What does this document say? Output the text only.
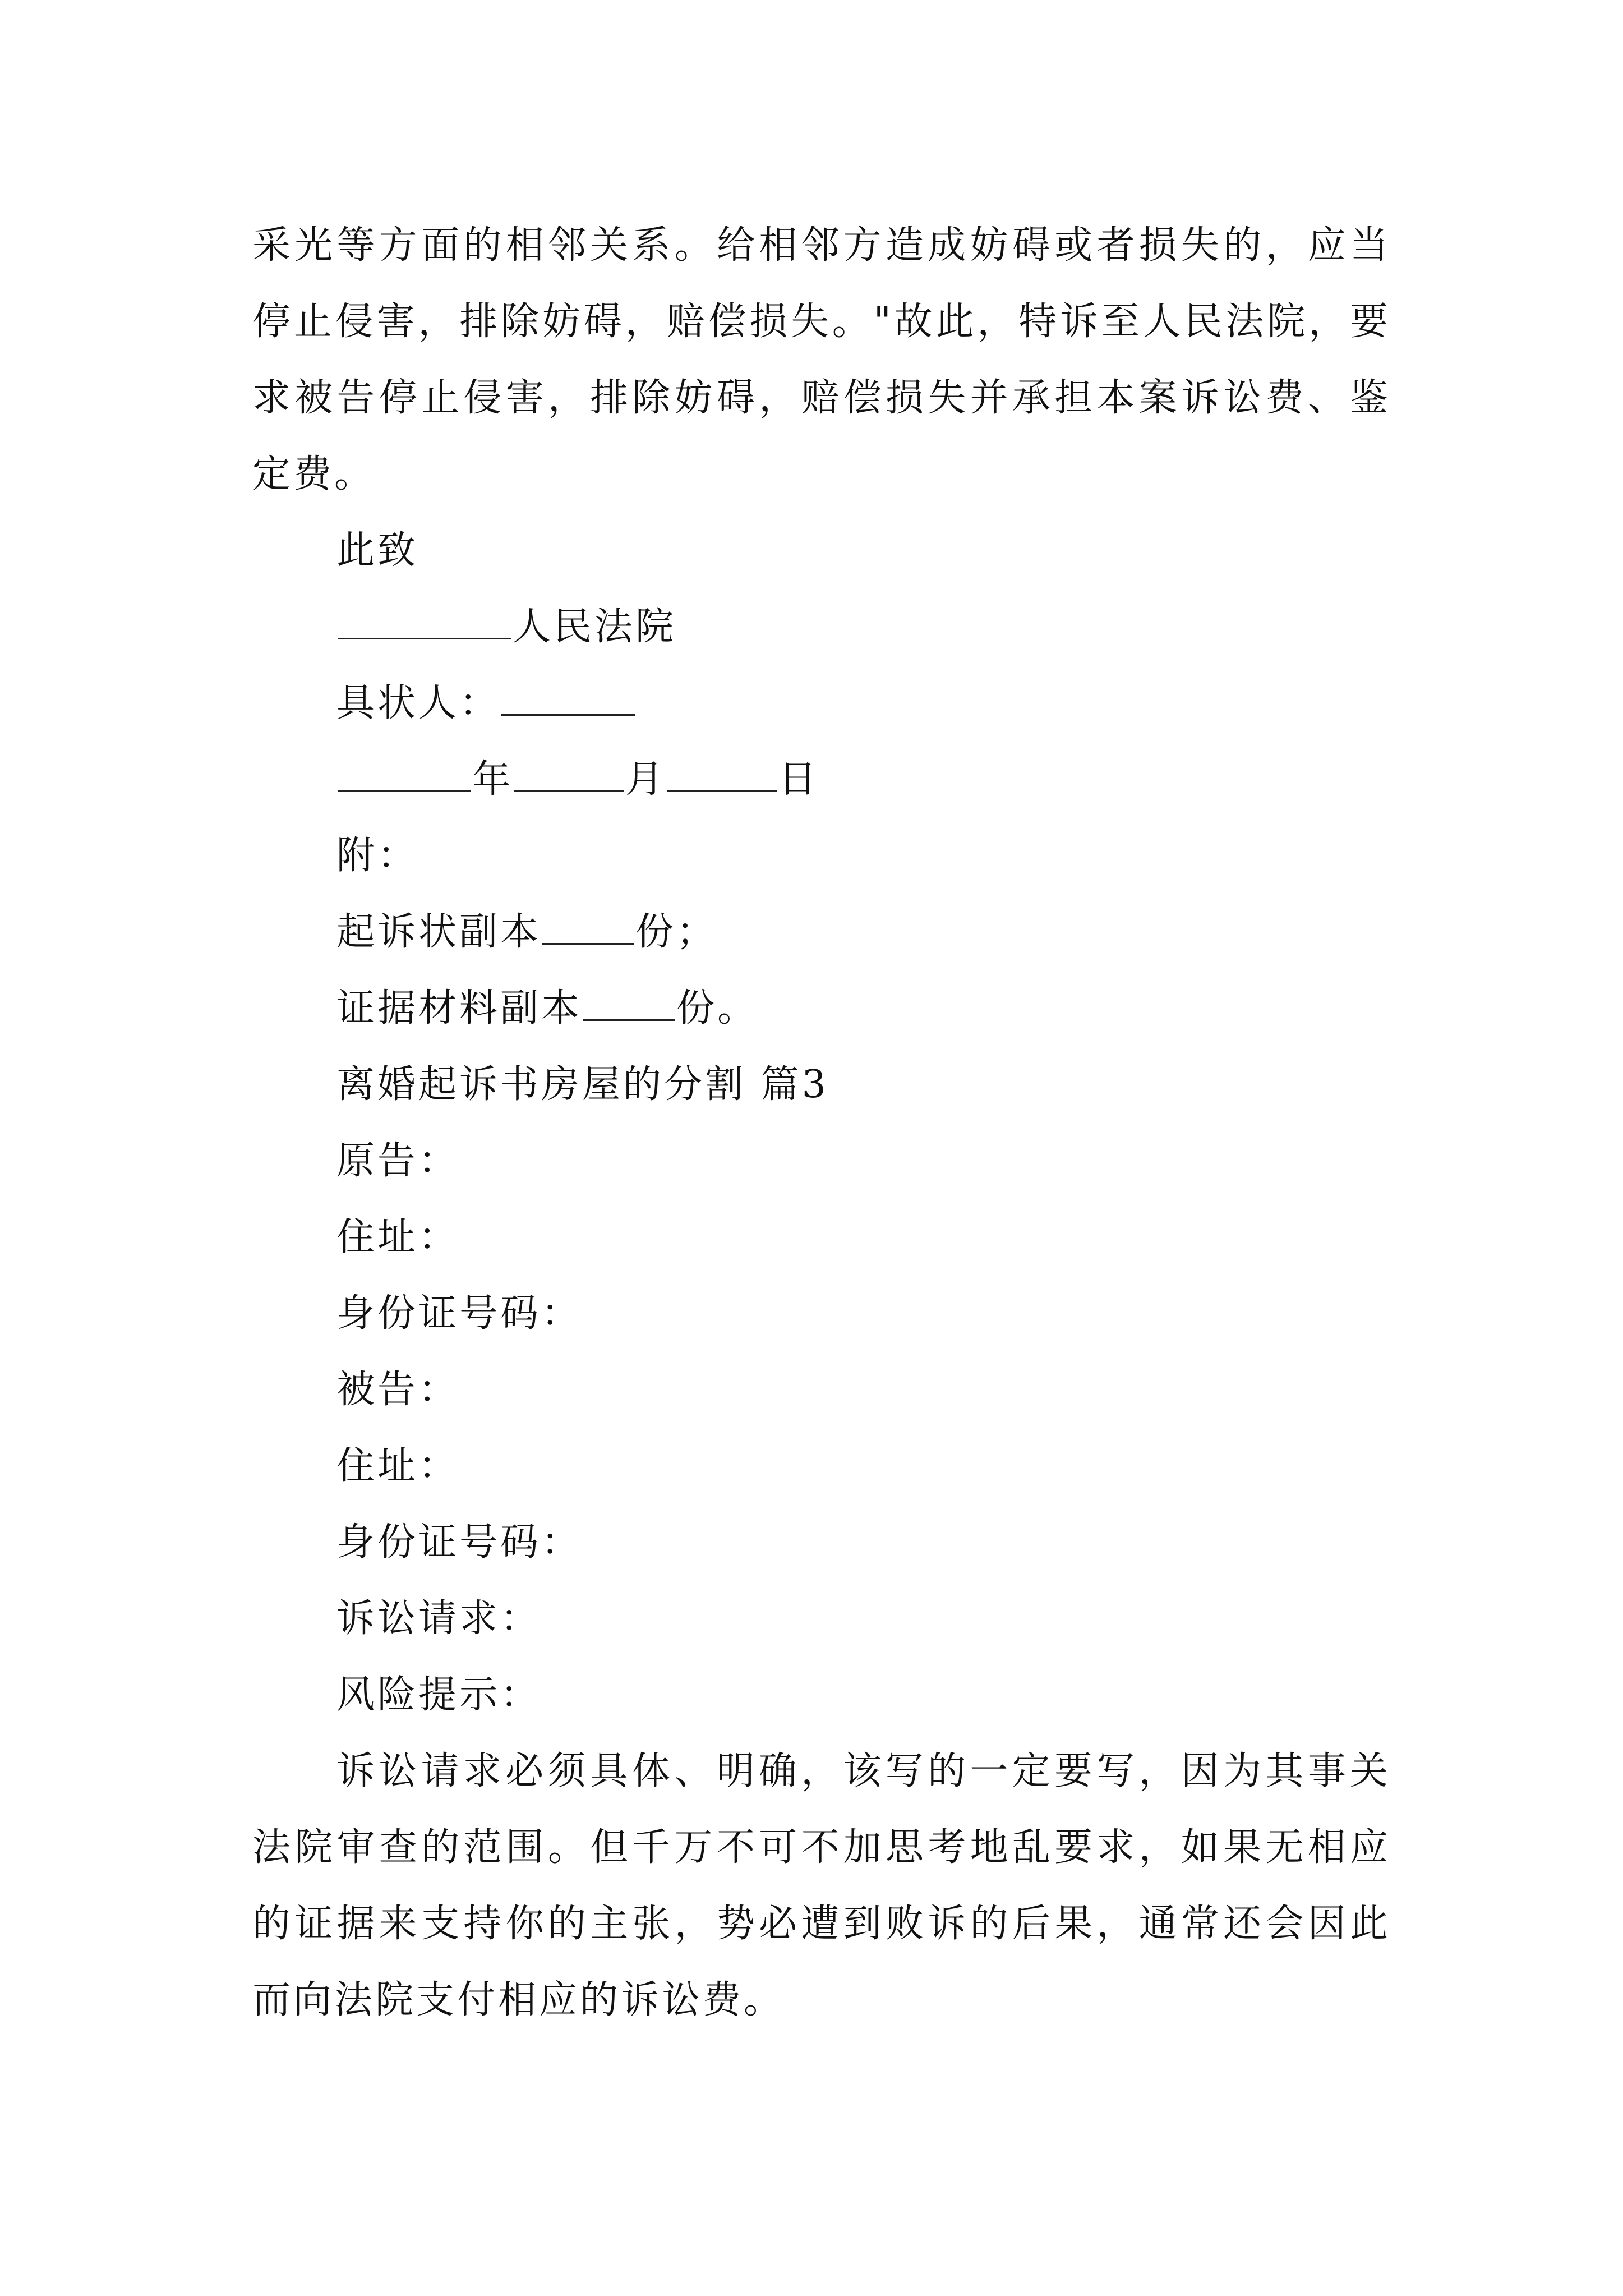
采光等方面的相邻关系。给相邻方造成妨碍或者损失的，应当停止侵害，排除妨碍，赔偿损失。"故此，特诉至人民法院，要求被告停止侵害，排除妨碍，赔偿损失并承担本案诉讼费、鉴定费。

此致

人民法院

具状人：

年	月	日

附：

起诉状副本 份；

证据材料副本 份。

离婚起诉书房屋的分割 篇3

原告：

住址：

身份证号码：

被告：

住址：

身份证号码：

诉讼请求：

风险提示：

诉讼请求必须具体、明确，该写的一定要写，因为其事关法院审查的范围。但千万不可不加思考地乱要求，如果无相应的证据来支持你的主张，势必遭到败诉的后果，通常还会因此而向法院支付相应的诉讼费。
